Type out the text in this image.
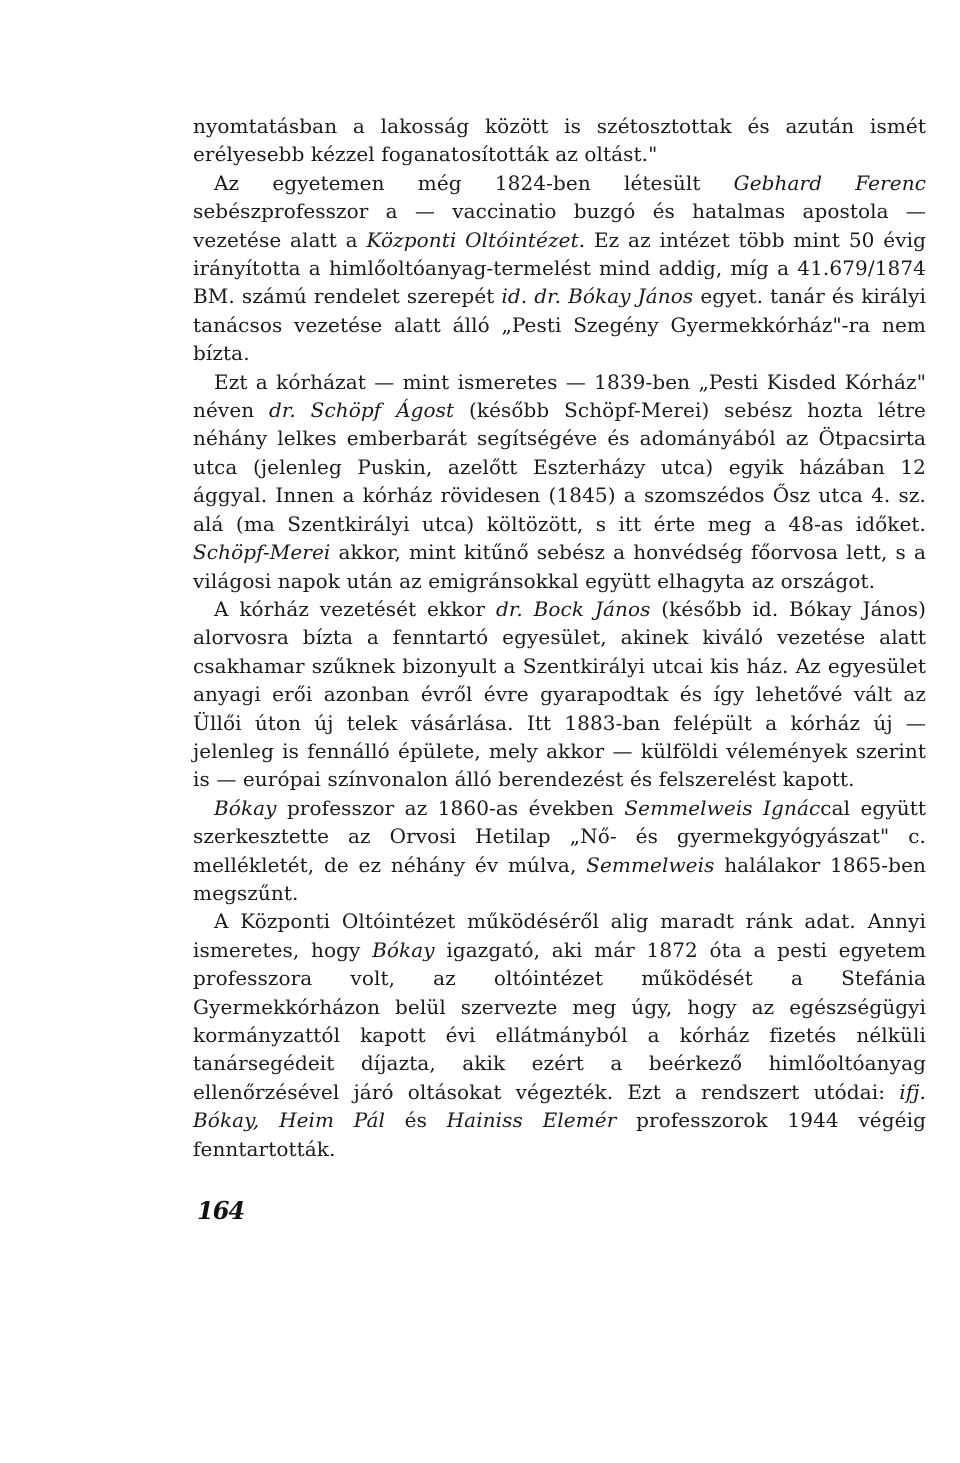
nyomtatásban a lakosság között is szétosztottak és azután ismét erélyesebb kézzel foganatosították az oltást."

Az egyetemen még 1824-ben létesült Gebhard Ferenc sebészprofesszor a — vaccinatio buzgó és hatalmas apostola — vezetése alatt a Központi Oltóintézet. Ez az intézet több mint 50 évig irányította a himlőoltóanyag-termelést mind addig, míg a 41.679/1874 BM. számú rendelet szerepét id. dr. Bókay János egyet. tanár és királyi tanácsos vezetése alatt álló „Pesti Szegény Gyermekkórház"-ra nem bízta.

Ezt a kórházat — mint ismeretes — 1839-ben „Pesti Kisded Kórház" néven dr. Schöpf Ágost (később Schöpf-Merei) sebész hozta létre néhány lelkes emberbarát segítségéve és adományából az Ötpacsirta utca (jelenleg Puskin, azelőtt Eszterházy utca) egyik házában 12 ággyal. Innen a kórház rövidesen (1845) a szomszédos Ősz utca 4. sz. alá (ma Szentkirályi utca) költözött, s itt érte meg a 48-as időket. Schöpf-Merei akkor, mint kitűnő sebész a honvédség főorvosa lett, s a világosi napok után az emigránsokkal együtt elhagyta az országot.

A kórház vezetését ekkor dr. Bock János (később id. Bókay János) alorvosra bízta a fenntartó egyesület, akinek kiváló vezetése alatt csakhamar szűknek bizonyult a Szentkirályi utcai kis ház. Az egyesület anyagi erői azonban évről évre gyarapodtak és így lehetővé vált az Üllői úton új telek vásárlása. Itt 1883-ban felépült a kórház új — jelenleg is fennálló épülete, mely akkor — külföldi vélemények szerint is — európai színvonalon álló berendezést és felszerelést kapott.

Bókay professzor az 1860-as években Semmelweis Ignáccal együtt szerkesztette az Orvosi Hetilap „Nő- és gyermekgyógyászat" c. mellékletét, de ez néhány év múlva, Semmelweis halálakor 1865-ben megszűnt.

A Központi Oltóintézet működéséről alig maradt ránk adat. Annyi ismeretes, hogy Bókay igazgató, aki már 1872 óta a pesti egyetem professzora volt, az oltóintézet működését a Stefánia Gyermekkórházon belül szervezte meg úgy, hogy az egészségügyi kormányzattól kapott évi ellátmányból a kórház fizetés nélküli tanársegédeit díjazta, akik ezért a beérkező himlőoltóanyag ellenőrzésével járó oltásokat végezték. Ezt a rendszert utódai: ifj. Bókay, Heim Pál és Hainiss Elemér professzorok 1944 végéig fenntartották.

164
